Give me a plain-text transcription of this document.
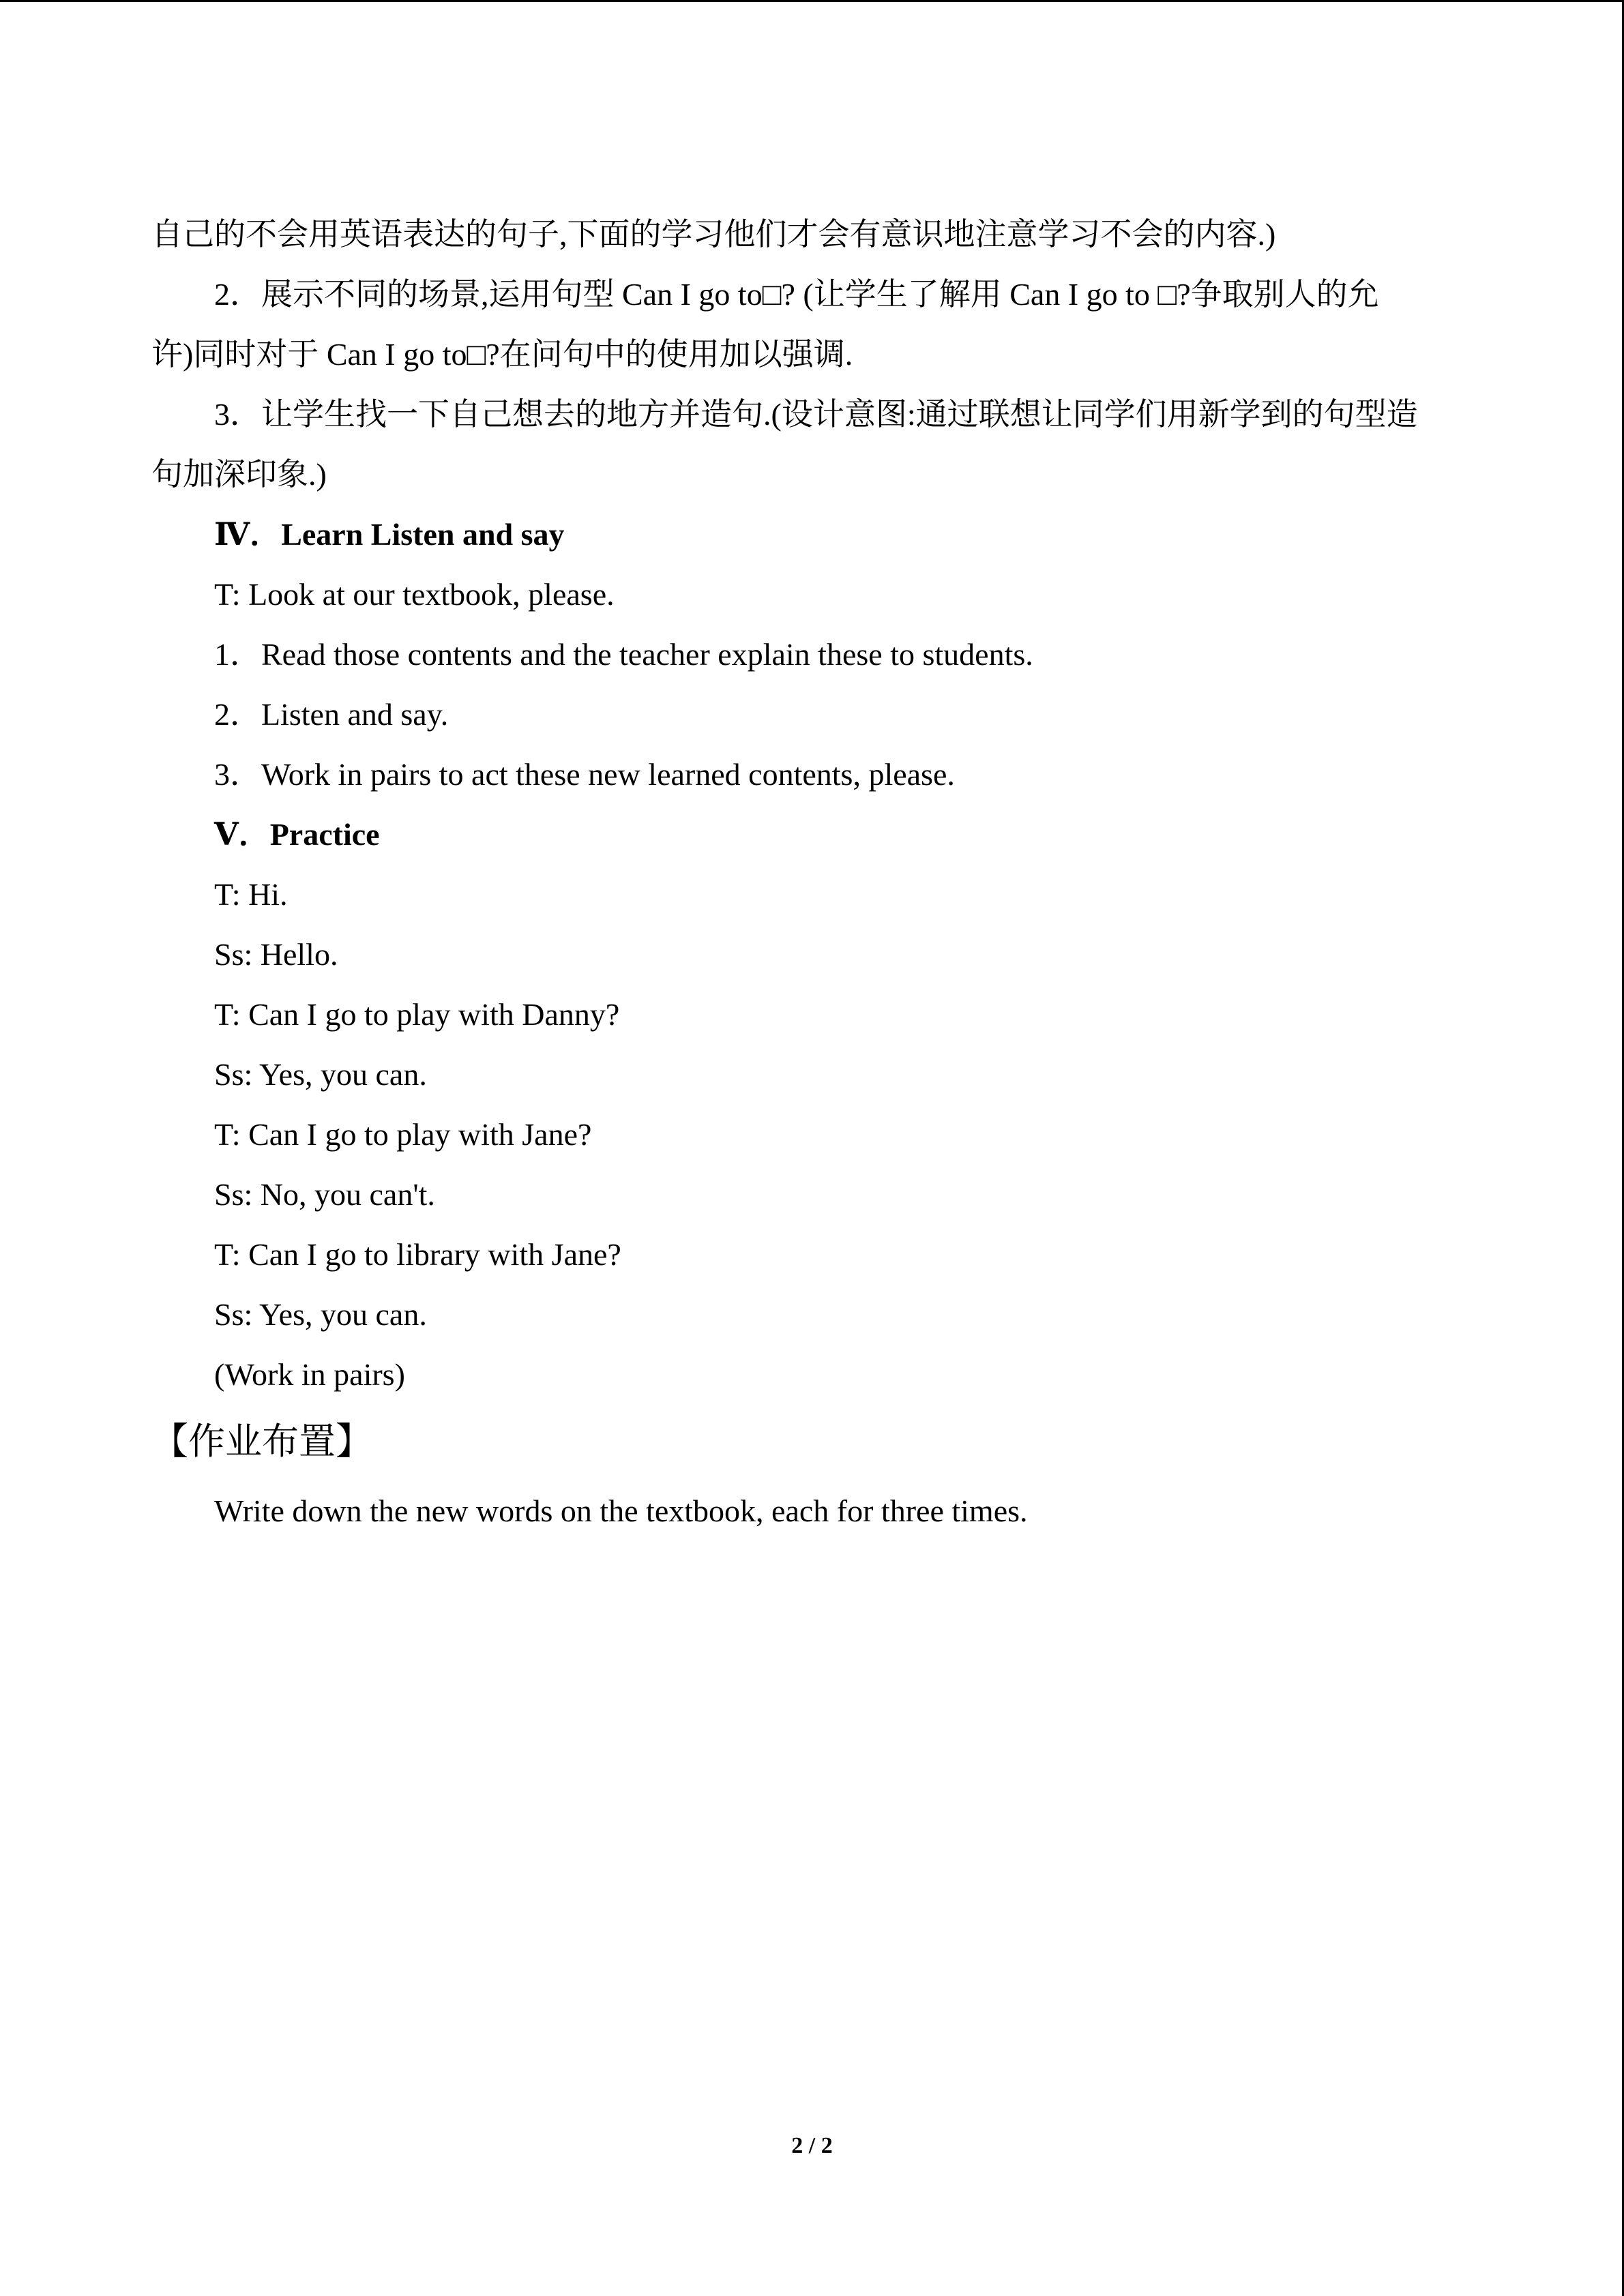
自己的不会用英语表达的句子,下面的学习他们才会有意识地注意学习不会的内容.)

2．展示不同的场景,运用句型 Can I go to□? (让学生了解用 Can I go to □?争取别人的允

许)同时对于 Can I go to□?在问句中的使用加以强调.

3．让学生找一下自己想去的地方并造句.(设计意图:通过联想让同学们用新学到的句型造

句加深印象.)

Ⅳ．Learn Listen and say

T: Look at our textbook, please.

1．Read those contents and the teacher explain these to students.

2．Listen and say.

3．Work in pairs to act these new learned contents, please.

Ⅴ．Practice

T: Hi.

Ss: Hello.

T: Can I go to play with Danny?

Ss: Yes, you can.

T: Can I go to play with Jane?

Ss: No, you can't.

T: Can I go to library with Jane?

Ss: Yes, you can.

(Work in pairs)

【作业布置】

Write down the new words on the textbook, each for three times.

2 / 2
